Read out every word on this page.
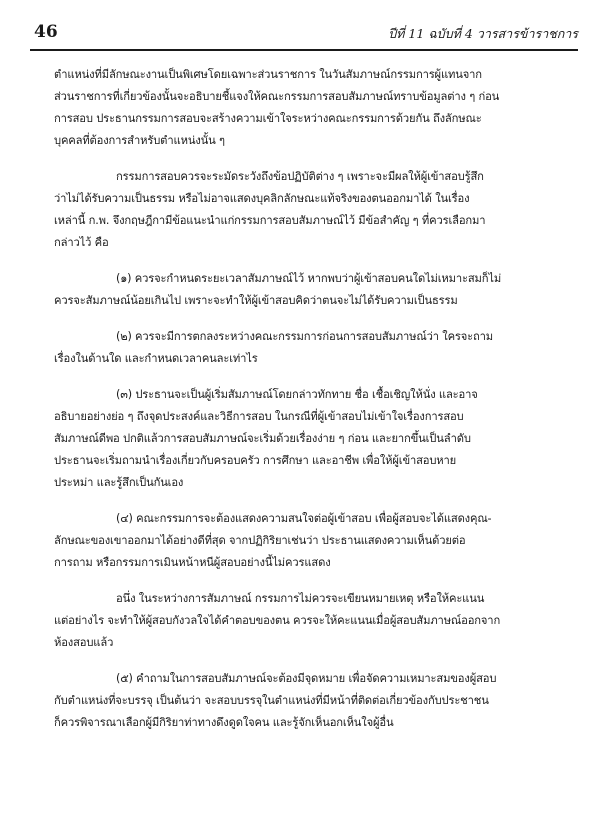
46	ปีที่ 11 ฉบับที่ 4 วารสารข้าราชการ
ตำแหน่งที่มีลักษณะงานเป็นพิเศษโดยเฉพาะส่วนราชการ ในวันสัมภาษณ์กรรมการผู้แทนจาก
ส่วนราชการที่เกี่ยวข้องนั้นจะอธิบายชี้แจงให้คณะกรรมการสอบสัมภาษณ์ทราบข้อมูลต่าง ๆ ก่อน
การสอบ ประธานกรรมการสอบจะสร้างความเข้าใจระหว่างคณะกรรมการด้วยกัน ถึงลักษณะ
บุคคลที่ต้องการสำหรับตำแหน่งนั้น ๆ
กรรมการสอบควรจะระมัดระวังถึงข้อปฏิบัติต่าง ๆ เพราะจะมีผลให้ผู้เข้าสอบรู้สึก
ว่าไม่ได้รับความเป็นธรรม หรือไม่อาจแสดงบุคลิกลักษณะแท้จริงของตนออกมาได้ ในเรื่อง
เหล่านี้ ก.พ. จึงกฤษฎีกามีข้อแนะนำแก่กรรมการสอบสัมภาษณ์ไว้ มีข้อสำคัญ ๆ ที่ควรเลือกมา
กล่าวไว้ คือ
(๑) ควรจะกำหนดระยะเวลาสัมภาษณ์ไว้ หากพบว่าผู้เข้าสอบคนใดไม่เหมาะสมก็ไม่
ควรจะสัมภาษณ์น้อยเกินไป เพราะจะทำให้ผู้เข้าสอบคิดว่าตนจะไม่ได้รับความเป็นธรรม
(๒) ควรจะมีการตกลงระหว่างคณะกรรมการก่อนการสอบสัมภาษณ์ว่า ใครจะถาม
เรื่องในด้านใด และกำหนดเวลาคนละเท่าไร
(๓) ประธานจะเป็นผู้เริ่มสัมภาษณ์โดยกล่าวทักทาย ชื่อ เชื้อเชิญให้นั่ง และอาจ
อธิบายอย่างย่อ ๆ ถึงจุดประสงค์และวิธีการสอบ ในกรณีที่ผู้เข้าสอบไม่เข้าใจเรื่องการสอบ
สัมภาษณ์ดีพอ ปกติแล้วการสอบสัมภาษณ์จะเริ่มด้วยเรื่องง่าย ๆ ก่อน และยากขึ้นเป็นลำดับ
ประธานจะเริ่มถามนำเรื่องเกี่ยวกับครอบครัว การศึกษา และอาชีพ เพื่อให้ผู้เข้าสอบหาย
ประหม่า และรู้สึกเป็นกันเอง
(๔) คณะกรรมการจะต้องแสดงความสนใจต่อผู้เข้าสอบ เพื่อผู้สอบจะได้แสดงคุณ-
ลักษณะของเขาออกมาได้อย่างดีที่สุด จากปฏิกิริยาเช่นว่า ประธานแสดงความเห็นด้วยต่อ
การถาม หรือกรรมการเมินหน้าหนีผู้สอบอย่างนี้ไม่ควรแสดง
อนึ่ง ในระหว่างการสัมภาษณ์ กรรมการไม่ควรจะเขียนหมายเหตุ หรือให้คะแนน
แต่อย่างไร จะทำให้ผู้สอบกังวลใจได้คำตอบของตน ควรจะให้คะแนนเมื่อผู้สอบสัมภาษณ์ออกจาก
ห้องสอบแล้ว
(๕) คำถามในการสอบสัมภาษณ์จะต้องมีจุดหมาย เพื่อจัดความเหมาะสมของผู้สอบ
กับตำแหน่งที่จะบรรจุ เป็นต้นว่า จะสอบบรรจุในตำแหน่งที่มีหน้าที่ติดต่อเกี่ยวข้องกับประชาชน
ก็ควรพิจารณาเลือกผู้มีกิริยาท่าทางดึงดูดใจคน และรู้จักเห็นอกเห็นใจผู้อื่น
